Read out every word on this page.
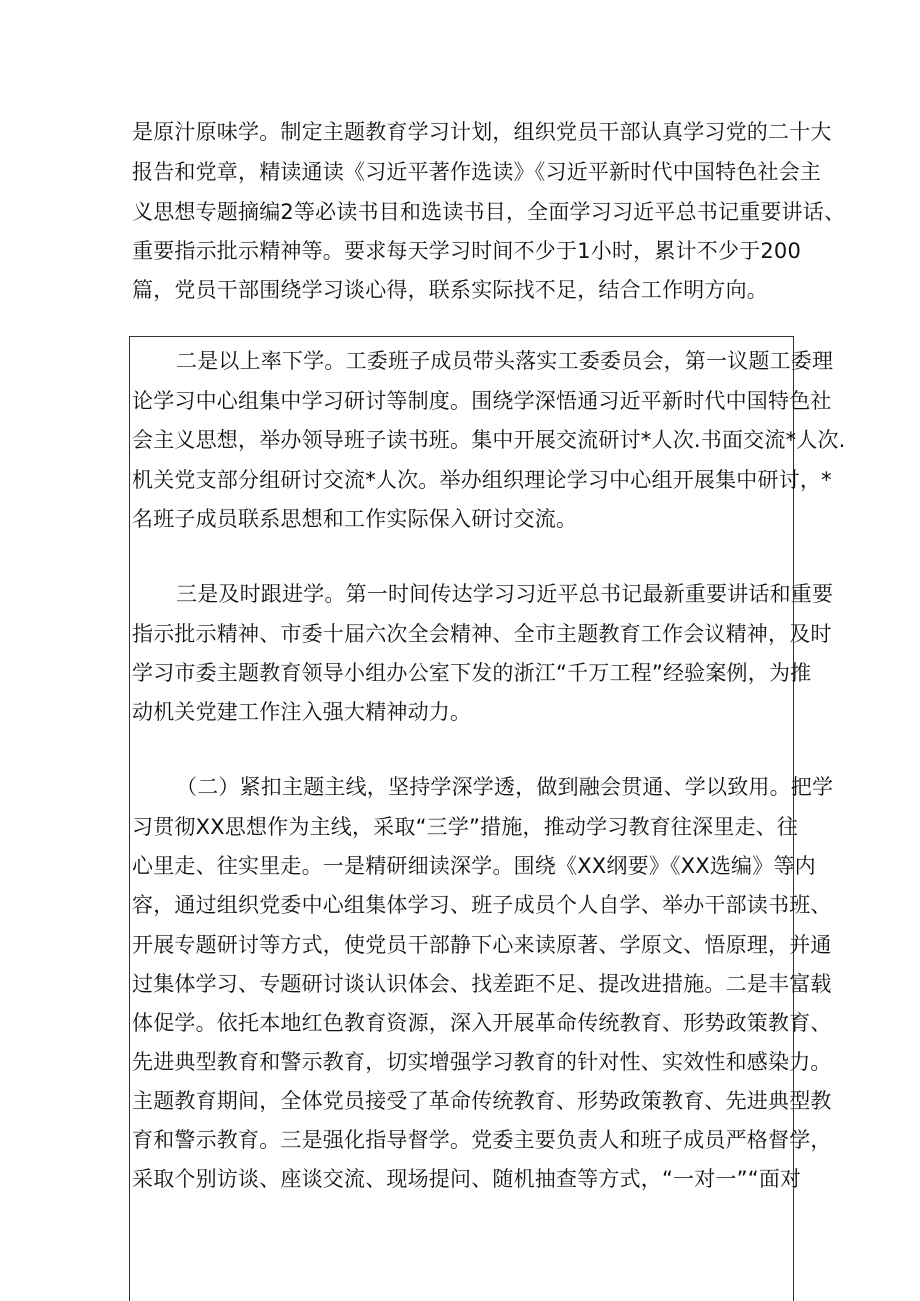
是原汁原味学。制定主题教育学习计划，组织党员干部认真学习党的二十大
报告和党章，精读通读《习近平著作选读》《习近平新时代中国特色社会主
义思想专题摘编2等必读书目和选读书目，全面学习习近平总书记重要讲话、
重要指示批示精神等。要求每天学习时间不少于1小时，累计不少于200
篇，党员干部围绕学习谈心得，联系实际找不足，结合工作明方向。
二是以上率下学。工委班子成员带头落实工委委员会，第一议题工委理
论学习中心组集中学习研讨等制度。围绕学深悟通习近平新时代中国特色社
会主义思想，举办领导班子读书班。集中开展交流研讨*人次.书面交流*人次.
机关党支部分组研讨交流*人次。举办组织理论学习中心组开展集中研讨，*
名班子成员联系思想和工作实际保入研讨交流。
三是及时跟进学。第一时间传达学习习近平总书记最新重要讲话和重要
指示批示精神、市委十届六次全会精神、全市主题教育工作会议精神，及时
学习市委主题教育领导小组办公室下发的浙江“千万工程”经验案例，为推
动机关党建工作注入强大精神动力。
（二）紧扣主题主线，坚持学深学透，做到融会贯通、学以致用。把学
习贯彻XX思想作为主线，采取“三学”措施，推动学习教育往深里走、往
心里走、往实里走。一是精研细读深学。围绕《XX纲要》《XX选编》等内
容，通过组织党委中心组集体学习、班子成员个人自学、举办干部读书班、
开展专题研讨等方式，使党员干部静下心来读原著、学原文、悟原理，并通
过集体学习、专题研讨谈认识体会、找差距不足、提改进措施。二是丰富载
体促学。依托本地红色教育资源，深入开展革命传统教育、形势政策教育、
先进典型教育和警示教育，切实增强学习教育的针对性、实效性和感染力。
主题教育期间，全体党员接受了革命传统教育、形势政策教育、先进典型教
育和警示教育。三是强化指导督学。党委主要负责人和班子成员严格督学，
采取个别访谈、座谈交流、现场提问、随机抽查等方式，“一对一”“面对
